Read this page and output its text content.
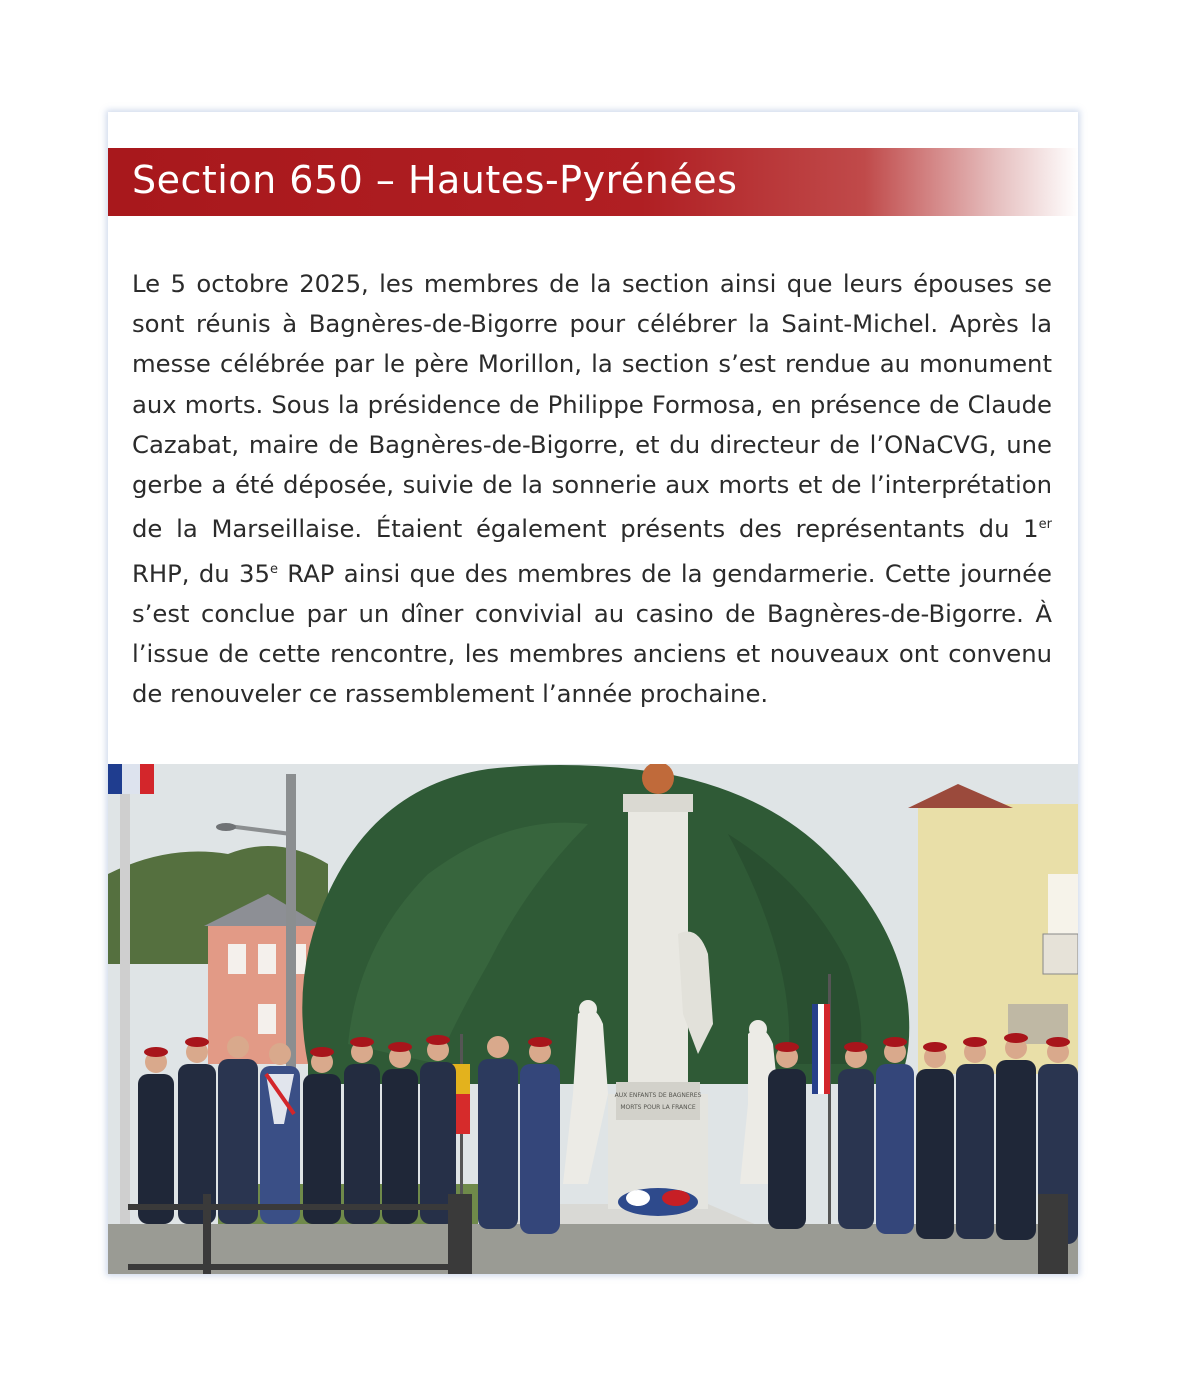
Section 650 – Hautes-Pyrénées

Le 5 octobre 2025, les membres de la section ainsi que leurs épouses se sont réunis à Bagnères-de-Bigorre pour célébrer la Saint-Michel. Après la messe célébrée par le père Morillon, la section s’est rendue au monument aux morts. Sous la présidence de Philippe Formosa, en présence de Claude Cazabat, maire de Bagnères-de-Bigorre, et du directeur de l’ONaCVG, une gerbe a été déposée, suivie de la sonnerie aux morts et de l’interprétation de la Marseillaise. Étaient également présents des représentants du 1er RHP, du 35e RAP ainsi que des membres de la gendarmerie. Cette journée s’est conclue par un dîner convivial au casino de Bagnères-de-Bigorre. À l’issue de cette rencontre, les membres anciens et nouveaux ont convenu de renouveler ce rassemblement l’année prochaine.

AUX ENFANTS DE BAGNERES
MORTS POUR LA FRANCE
